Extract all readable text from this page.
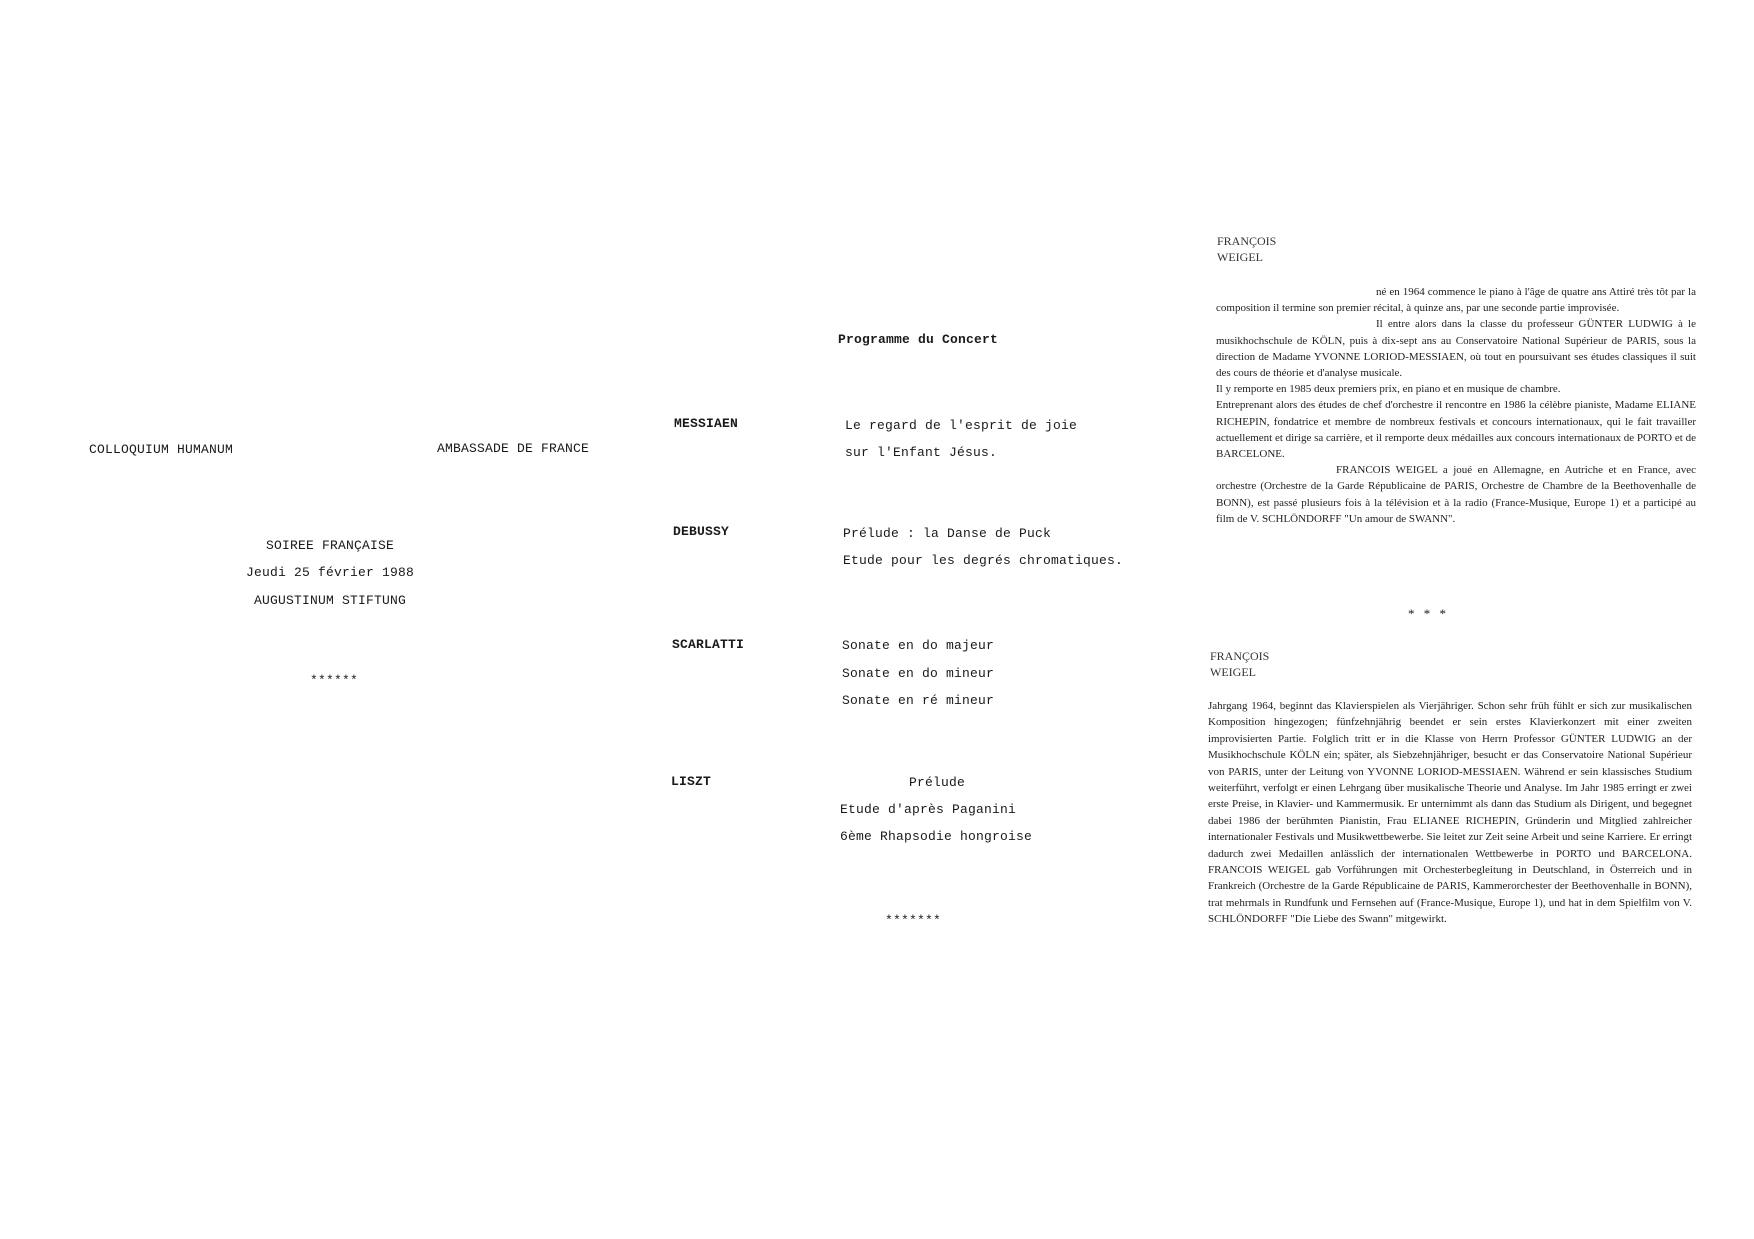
COLLOQUIUM HUMANUM	AMBASSADE DE FRANCE
SOIREE FRANÇAISE
Jeudi 25 février 1988
AUGUSTINUM STIFTUNG
******
Programme du Concert
MESSIAEN	Le regard de l'esprit de joie
sur l'Enfant Jésus.
DEBUSSY	Prélude : la Danse de Puck
Etude pour les degrés chromatiques.
SCARLATTI	Sonate en do majeur
Sonate en do mineur
Sonate en ré mineur
LISZT	Prélude
Etude d'après Paganini
6ème Rhapsodie hongroise
*******
FRANÇOIS
WEIGEL

né en 1964 commence le piano à l'âge de quatre ans Attiré très tôt par la composition il termine son premier récital, à quinze ans, par une seconde partie improvisée.

Il entre alors dans la classe du professeur GÜNTER LUDWIG à le musikhochschule de KÖLN, puis à dix-sept ans au Conservatoire National Supérieur de PARIS, sous la direction de Madame YVONNE LORIOD-MESSIAEN, où tout en poursuivant ses études classiques il suit des cours de théorie et d'analyse musicale.

Il y remporte en 1985 deux premiers prix, en piano et en musique de chambre.

Entreprenant alors des études de chef d'orchestre il rencontre en 1986 la célèbre pianiste, Madame ELIANE RICHEPIN, fondatrice et membre de nombreux festivals et concours internationaux, qui le fait travailler actuellement et dirige sa carrière, et il remporte deux médailles aux concours internationaux de PORTO et de BARCELONE.

FRANCOIS WEIGEL a joué en Allemagne, en Autriche et en France, avec orchestre (Orchestre de la Garde Républicaine de PARIS, Orchestre de Chambre de la Beethovenhalle de BONN), est passé plusieurs fois à la télévision et à la radio (France-Musique, Europe 1) et a participé au film de V. SCHLÖNDORFF "Un amour de SWANN".

* * *
FRANÇOIS
WEIGEL

Jahrgang 1964, beginnt das Klavierspielen als Vierjähriger. Schon sehr früh fühlt er sich zur musikalischen Komposition hingezogen; fünfzehnjährig beendet er sein erstes Klavierkonzert mit einer zweiten improvisierten Partie. Folglich tritt er in die Klasse von Herrn Professor GÜNTER LUDWIG an der Musikhochschule KÖLN ein; später, als Siebzehnjähriger, besucht er das Conservatoire National Supérieur von PARIS, unter der Leitung von YVONNE LORIOD-MESSIAEN. Während er sein klassisches Studium weiterführt, verfolgt er einen Lehrgang über musikalische Theorie und Analyse. Im Jahr 1985 erringt er zwei erste Preise, in Klavier- und Kammermusik. Er unternimmt als dann das Studium als Dirigent, und begegnet dabei 1986 der berühmten Pianistin, Frau ELIANEE RICHEPIN, Gründerin und Mitglied zahlreicher internationaler Festivals und Musikwettbewerbe. Sie leitet zur Zeit seine Arbeit und seine Karriere. Er erringt dadurch zwei Medaillen anlässlich der internationalen Wettbewerbe in PORTO und BARCELONA. FRANCOIS WEIGEL gab Vorführungen mit Orchesterbegleitung in Deutschland, in Österreich und in Frankreich (Orchestre de la Garde Républicaine de PARIS, Kammerorchester der Beethovenhalle in BONN), trat mehrmals in Rundfunk und Fernsehen auf (France-Musique, Europe 1), und hat in dem Spielfilm von V. SCHLÖNDORFF "Die Liebe des Swann" mitgewirkt.
